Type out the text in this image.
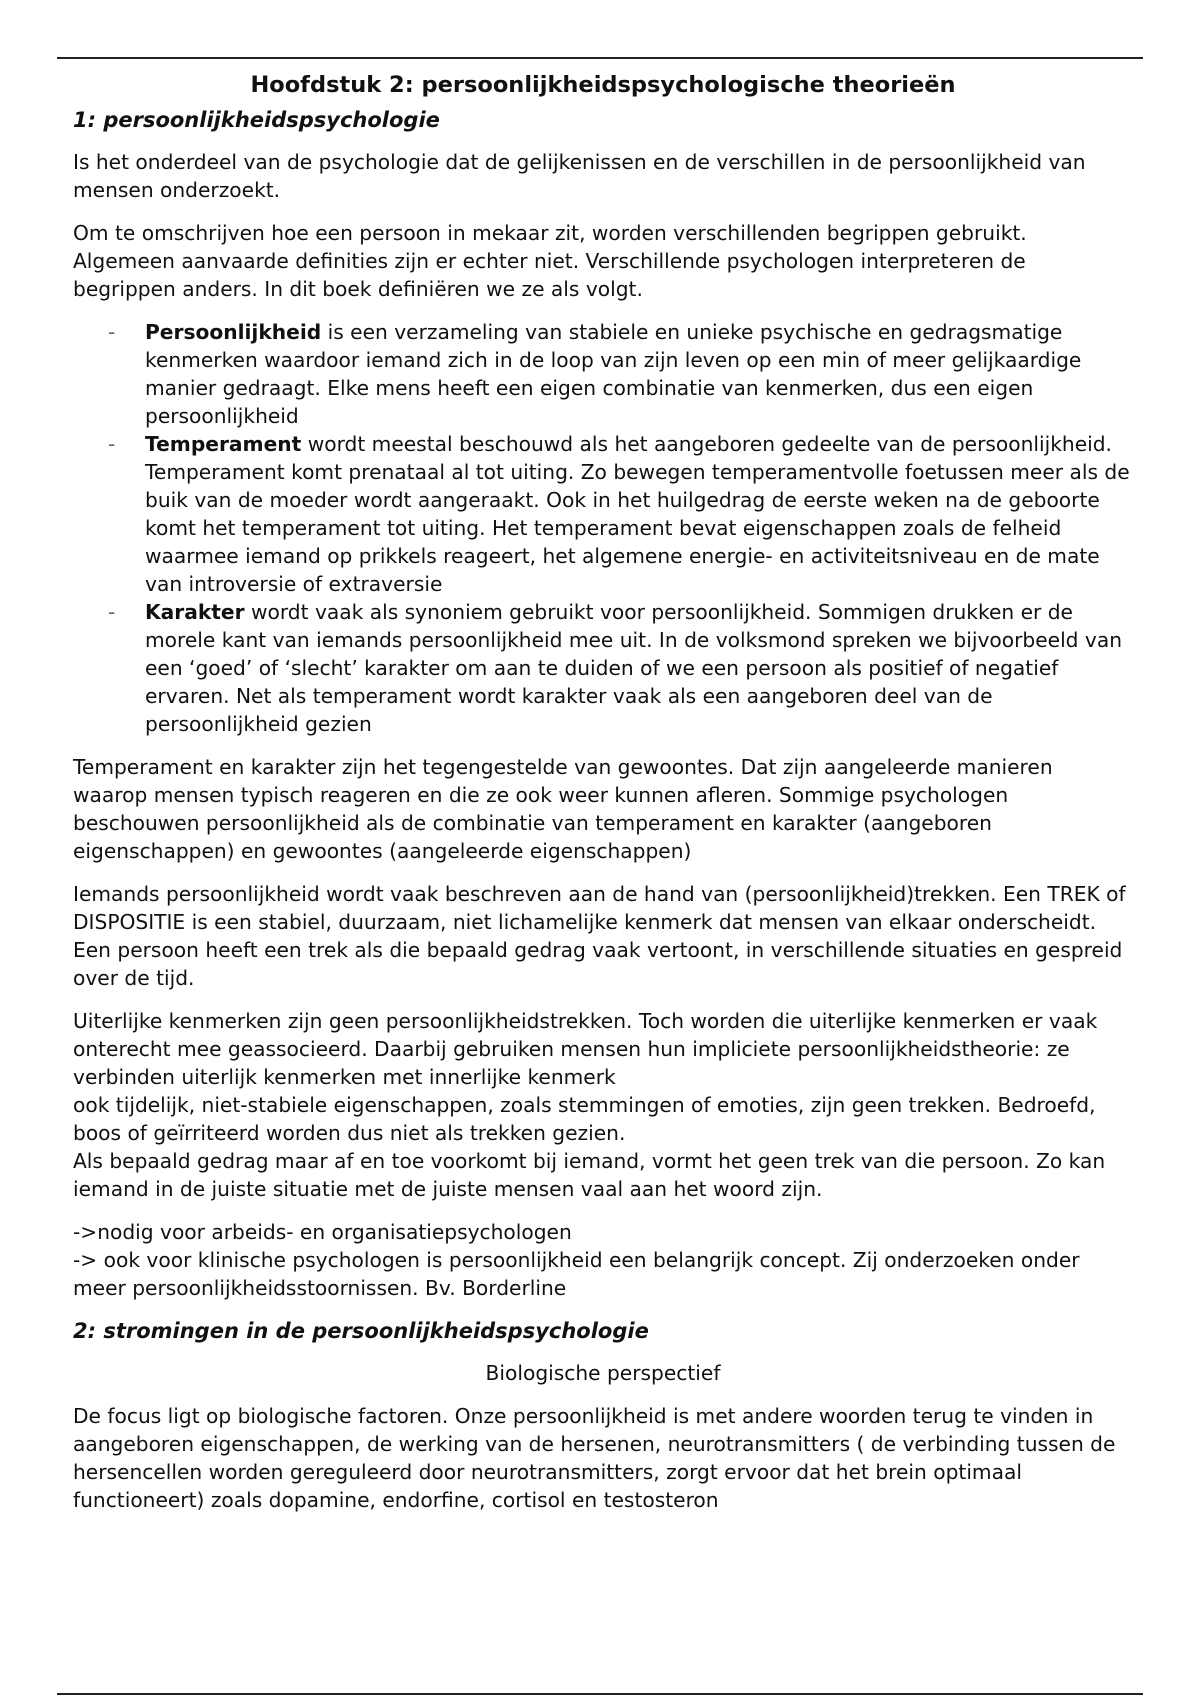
Hoofdstuk 2: persoonlijkheidspsychologische theorieën
1: persoonlijkheidspsychologie

Is het onderdeel van de psychologie dat de gelijkenissen en de verschillen in de persoonlijkheid van mensen onderzoekt.

Om te omschrijven hoe een persoon in mekaar zit, worden verschillenden begrippen gebruikt. Algemeen aanvaarde definities zijn er echter niet. Verschillende psychologen interpreteren de begrippen anders. In dit boek definiëren we ze als volgt.

- Persoonlijkheid is een verzameling van stabiele en unieke psychische en gedragsmatige kenmerken waardoor iemand zich in de loop van zijn leven op een min of meer gelijkaardige manier gedraagt. Elke mens heeft een eigen combinatie van kenmerken, dus een eigen persoonlijkheid
- Temperament wordt meestal beschouwd als het aangeboren gedeelte van de persoonlijkheid. Temperament komt prenataal al tot uiting. Zo bewegen temperamentvolle foetussen meer als de buik van de moeder wordt aangeraakt. Ook in het huilgedrag de eerste weken na de geboorte komt het temperament tot uiting. Het temperament bevat eigenschappen zoals de felheid waarmee iemand op prikkels reageert, het algemene energie- en activiteitsniveau en de mate van introversie of extraversie
- Karakter wordt vaak als synoniem gebruikt voor persoonlijkheid. Sommigen drukken er de morele kant van iemands persoonlijkheid mee uit. In de volksmond spreken we bijvoorbeeld van een ‘goed’ of ‘slecht’ karakter om aan te duiden of we een persoon als positief of negatief ervaren. Net als temperament wordt karakter vaak als een aangeboren deel van de persoonlijkheid gezien

Temperament en karakter zijn het tegengestelde van gewoontes. Dat zijn aangeleerde manieren waarop mensen typisch reageren en die ze ook weer kunnen afleren. Sommige psychologen beschouwen persoonlijkheid als de combinatie van temperament en karakter (aangeboren eigenschappen) en gewoontes (aangeleerde eigenschappen)

Iemands persoonlijkheid wordt vaak beschreven aan de hand van (persoonlijkheid)trekken. Een TREK of DISPOSITIE is een stabiel, duurzaam, niet lichamelijke kenmerk dat mensen van elkaar onderscheidt. Een persoon heeft een trek als die bepaald gedrag vaak vertoont, in verschillende situaties en gespreid over de tijd.

Uiterlijke kenmerken zijn geen persoonlijkheidstrekken. Toch worden die uiterlijke kenmerken er vaak onterecht mee geassocieerd. Daarbij gebruiken mensen hun impliciete persoonlijkheidstheorie: ze verbinden uiterlijk kenmerken met innerlijke kenmerk
ook tijdelijk, niet-stabiele eigenschappen, zoals stemmingen of emoties, zijn geen trekken. Bedroefd, boos of geïrriteerd worden dus niet als trekken gezien.
Als bepaald gedrag maar af en toe voorkomt bij iemand, vormt het geen trek van die persoon. Zo kan iemand in de juiste situatie met de juiste mensen vaal aan het woord zijn.

->nodig voor arbeids- en organisatiepsychologen
-> ook voor klinische psychologen is persoonlijkheid een belangrijk concept. Zij onderzoeken onder meer persoonlijkheidsstoornissen. Bv. Borderline

2: stromingen in de persoonlijkheidspsychologie

Biologische perspectief

De focus ligt op biologische factoren. Onze persoonlijkheid is met andere woorden terug te vinden in aangeboren eigenschappen, de werking van de hersenen, neurotransmitters ( de verbinding tussen de hersencellen worden gereguleerd door neurotransmitters, zorgt ervoor dat het brein optimaal functioneert) zoals dopamine, endorfine, cortisol en testosteron
